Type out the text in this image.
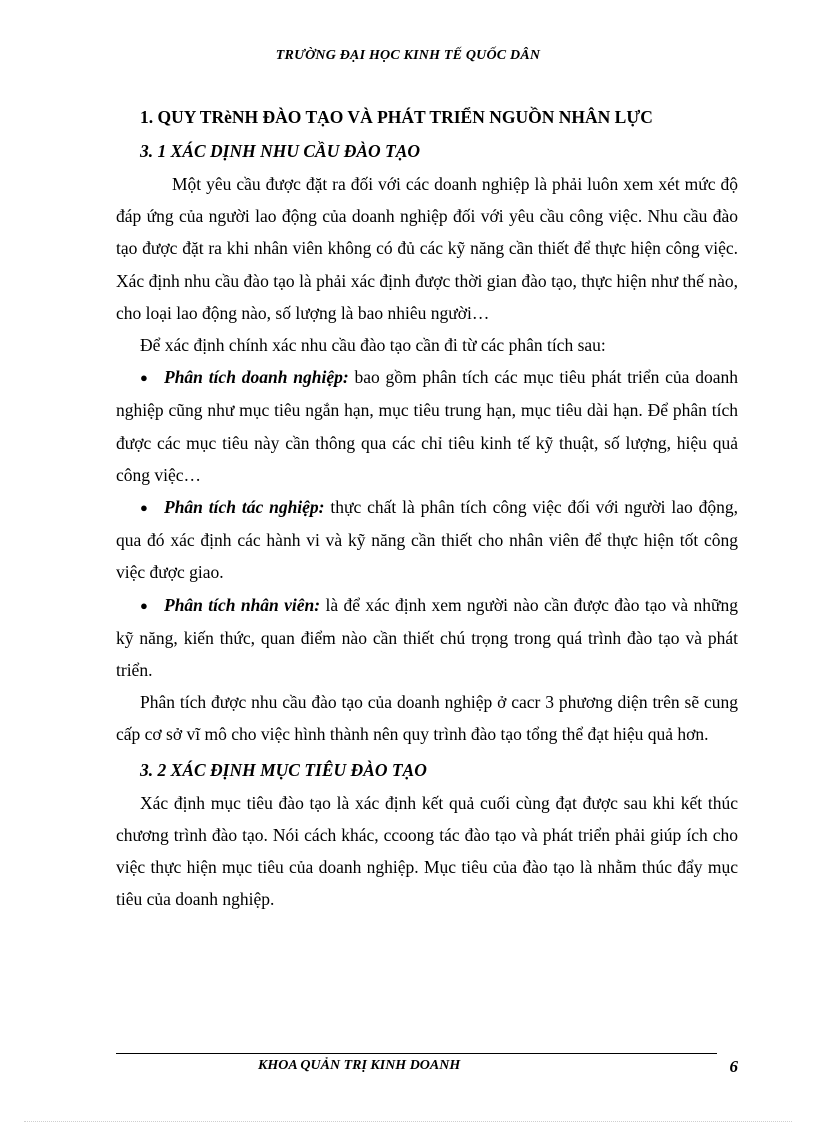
TRƯỜNG ĐẠI HỌC KINH TẾ QUỐC DÂN
1. QUY TRèNH ĐÀO TẠO VÀ PHÁT TRIỂN NGUỒN NHÂN LỰC
3. 1 XÁC DỊNH NHU CẦU ĐÀO TẠO

Một yêu cầu được đặt ra đối với các doanh nghiệp là phải luôn xem xét mức độ đáp ứng của người lao động của doanh nghiệp đối với yêu cầu công việc. Nhu cầu đào tạo được đặt ra khi nhân viên không có đủ các kỹ năng cần thiết để thực hiện công việc. Xác định nhu cầu đào tạo là phải xác định được thời gian đào tạo, thực hiện như thế nào, cho loại lao động nào, số lượng là bao nhiêu người…

Để xác định chính xác nhu cầu đào tạo cần đi từ các phân tích sau:

● Phân tích doanh nghiệp: bao gồm phân tích các mục tiêu phát triển của doanh nghiệp cũng như mục tiêu ngắn hạn, mục tiêu trung hạn, mục tiêu dài hạn. Để phân tích được các mục tiêu này cần thông qua các chỉ tiêu kinh tế kỹ thuật, số lượng, hiệu quả công việc…

● Phân tích tác nghiệp: thực chất là phân tích công việc đối với người lao động, qua đó xác định các hành vi và kỹ năng cần thiết cho nhân viên để thực hiện tốt công việc được giao.

● Phân tích nhân viên: là để xác định xem người nào cần được đào tạo và những kỹ năng, kiến thức, quan điểm nào cần thiết chú trọng trong quá trình đào tạo và phát triển.

Phân tích được nhu cầu đào tạo của doanh nghiệp ở cacr 3 phương diện trên sẽ cung cấp cơ sở vĩ mô cho việc hình thành nên quy trình đào tạo tổng thể đạt hiệu quả hơn.

3. 2 XÁC ĐỊNH MỤC TIÊU ĐÀO TẠO

Xác định mục tiêu đào tạo là xác định kết quả cuối cùng đạt được sau khi kết thúc chương trình đào tạo. Nói cách khác, ccoong tác đào tạo và phát triển phải giúp ích cho việc thực hiện mục tiêu của doanh nghiệp. Mục tiêu của đào tạo là nhằm thúc đẩy mục tiêu của doanh nghiệp.

KHOA QUẢN TRỊ KINH DOANH	6
